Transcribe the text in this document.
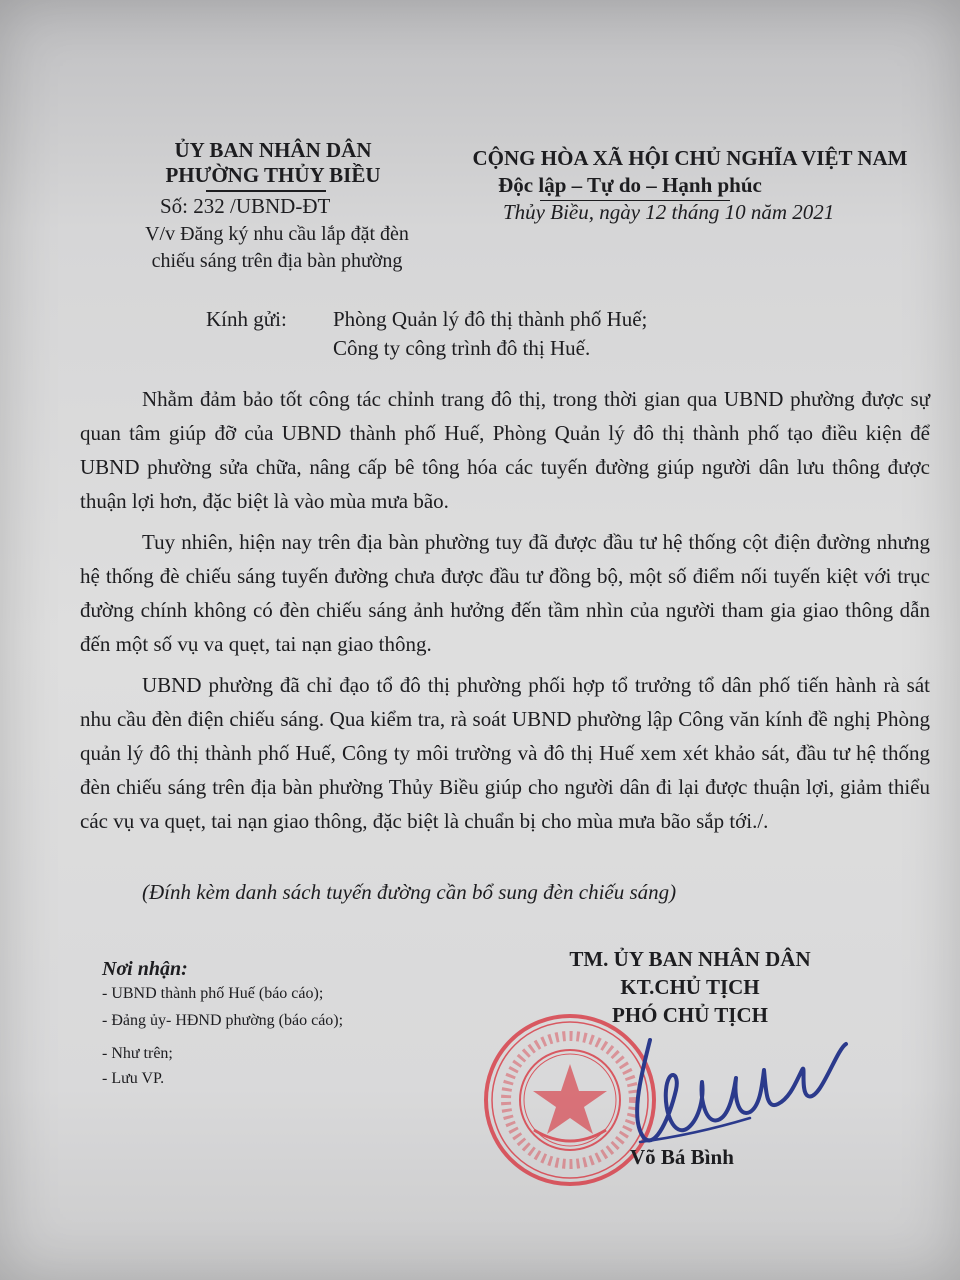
ỦY BAN NHÂN DÂN
PHƯỜNG THỦY BIỀU
Số: 232 /UBND-ĐT
V/v Đăng ký nhu cầu lắp đặt đèn
chiếu sáng trên địa bàn phường
CỘNG HÒA XÃ HỘI CHỦ NGHĨA VIỆT NAM
Độc lập – Tự do – Hạnh phúc
Thủy Biều, ngày 12 tháng 10 năm 2021
Kính gửi: Phòng Quản lý đô thị thành phố Huế;
Công ty công trình đô thị Huế.
Nhằm đảm bảo tốt công tác chỉnh trang đô thị, trong thời gian qua UBND phường được sự quan tâm giúp đỡ của UBND thành phố Huế, Phòng Quản lý đô thị thành phố tạo điều kiện để UBND phường sửa chữa, nâng cấp bê tông hóa các tuyến đường giúp người dân lưu thông được thuận lợi hơn, đặc biệt là vào mùa mưa bão.
Tuy nhiên, hiện nay trên địa bàn phường tuy đã được đầu tư hệ thống cột điện đường nhưng hệ thống đè chiếu sáng tuyến đường chưa được đầu tư đồng bộ, một số điểm nối tuyến kiệt với trục đường chính không có đèn chiếu sáng ảnh hưởng đến tầm nhìn của người tham gia giao thông dẫn đến một số vụ va quẹt, tai nạn giao thông.
UBND phường đã chỉ đạo tổ đô thị phường phối hợp tổ trưởng tổ dân phố tiến hành rà sát nhu cầu đèn điện chiếu sáng. Qua kiểm tra, rà soát UBND phường lập Công văn kính đề nghị Phòng quản lý đô thị thành phố Huế, Công ty môi trường và đô thị Huế xem xét khảo sát, đầu tư hệ thống đèn chiếu sáng trên địa bàn phường Thủy Biều giúp cho người dân đi lại được thuận lợi, giảm thiểu các vụ va quẹt, tai nạn giao thông, đặc biệt là chuẩn bị cho mùa mưa bão sắp tới./.
(Đính kèm danh sách tuyến đường cần bổ sung đèn chiếu sáng)
Nơi nhận:
- UBND thành phố Huế (báo cáo);
- Đảng ủy- HĐND phường (báo cáo);
- Như trên;
- Lưu VP.
TM. ỦY BAN NHÂN DÂN
KT.CHỦ TỊCH
PHÓ CHỦ TỊCH
Võ Bá Bình
